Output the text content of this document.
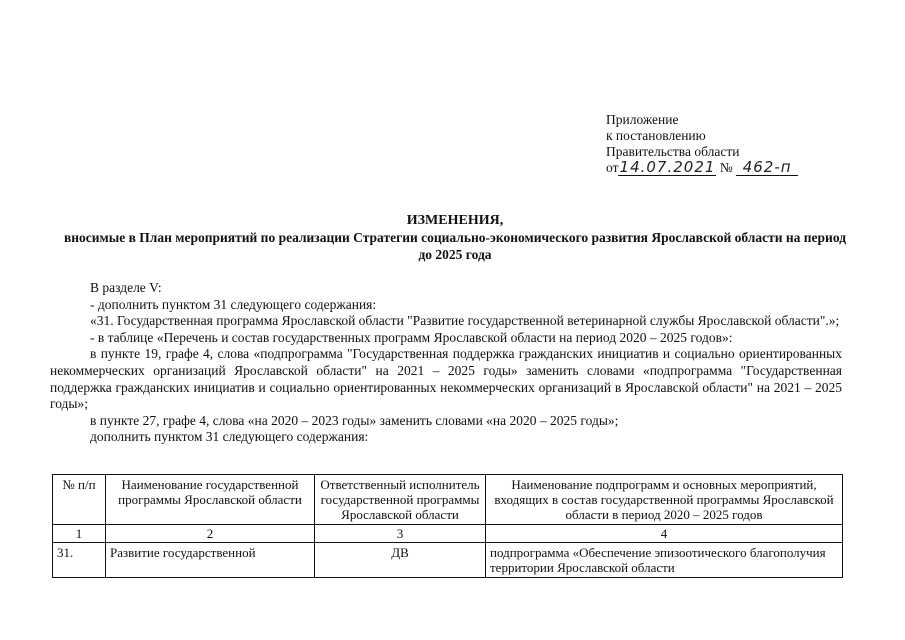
Приложение
к постановлению
Правительства области
от14.07.2021 № 462-п
ИЗМЕНЕНИЯ,
вносимые в План мероприятий по реализации Стратегии социально-экономического развития Ярославской области на период до 2025 года
В разделе V:
- дополнить пунктом 31 следующего содержания:
«31. Государственная программа Ярославской области "Развитие государственной ветеринарной службы Ярославской области".»;
- в таблице «Перечень и состав государственных программ Ярославской области на период 2020 – 2025 годов»:
в пункте 19, графе 4, слова «подпрограмма "Государственная поддержка гражданских инициатив и социально ориентированных некоммерческих организаций Ярославской области" на 2021 – 2025 годы» заменить словами «подпрограмма "Государственная поддержка гражданских инициатив и социально ориентированных некоммерческих организаций в Ярославской области" на 2021 – 2025 годы»;
в пункте 27, графе 4, слова «на 2020 – 2023 годы» заменить словами «на 2020 – 2025 годы»;
дополнить пунктом 31 следующего содержания:
№ п/п	Наименование государственной программы Ярославской области	Ответственный исполнитель государственной программы Ярославской области	Наименование подпрограмм и основных мероприятий, входящих в состав государственной программы Ярославской области в период 2020 – 2025 годов
1	2	3	4
31.	Развитие государственной	ДВ	подпрограмма «Обеспечение эпизоотического благополучия территории Ярославской области
